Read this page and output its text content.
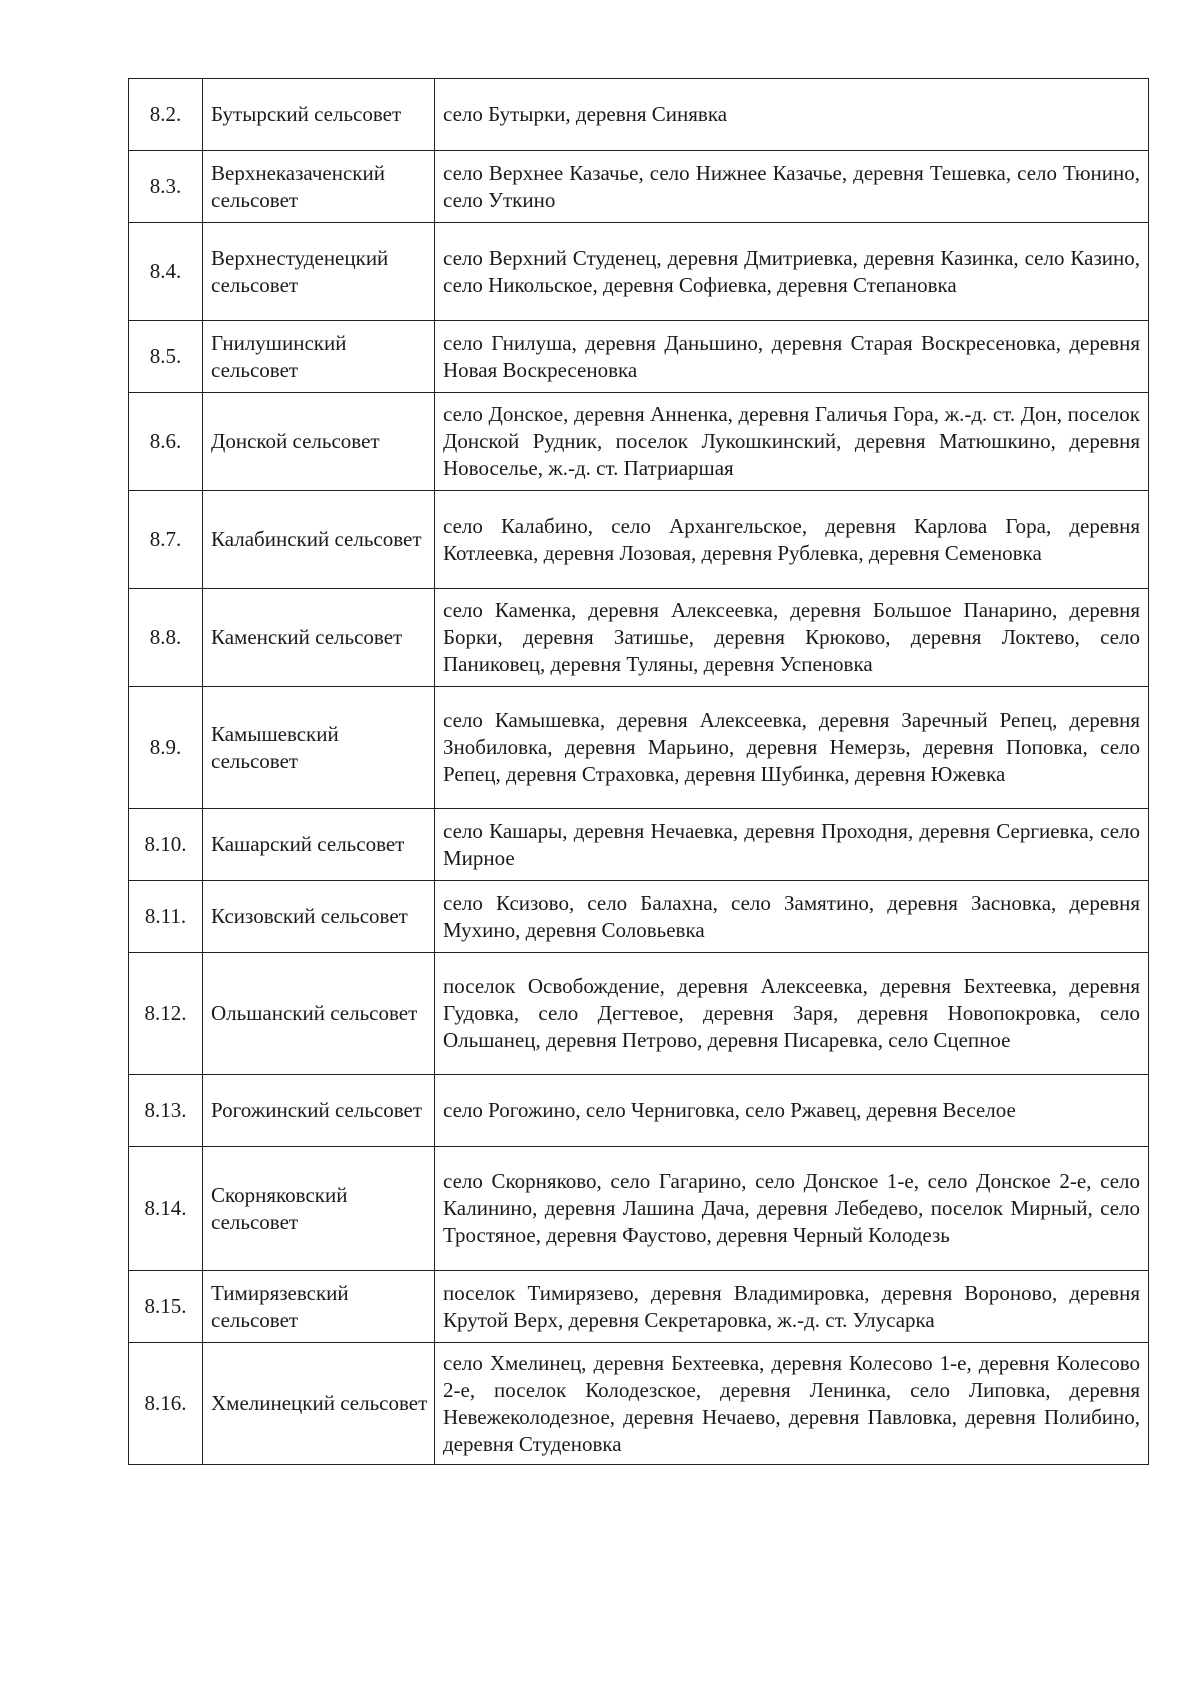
8.2.	Бутырский сельсовет	село Бутырки, деревня Синявка
8.3.	Верхнеказаченский сельсовет	село Верхнее Казачье, село Нижнее Казачье, деревня Тешевка, село Тюнино, село Уткино
8.4.	Верхнестуденецкий сельсовет	село Верхний Студенец, деревня Дмитриевка, деревня Казинка, село Казино, село Никольское, деревня Софиевка, деревня Степановка
8.5.	Гнилушинский сельсовет	село Гнилуша, деревня Даньшино, деревня Старая Воскресеновка, деревня Новая Воскресеновка
8.6.	Донской сельсовет	село Донское, деревня Анненка, деревня Галичья Гора, ж.-д. ст. Дон, поселок Донской Рудник, поселок Лукошкинский, деревня Матюшкино, деревня Новоселье, ж.-д. ст. Патриаршая
8.7.	Калабинский сельсовет	село Калабино, село Архангельское, деревня Карлова Гора, деревня Котлеевка, деревня Лозовая, деревня Рублевка, деревня Семеновка
8.8.	Каменский сельсовет	село Каменка, деревня Алексеевка, деревня Большое Панарино, деревня Борки, деревня Затишье, деревня Крюково, деревня Локтево, село Паниковец, деревня Туляны, деревня Успеновка
8.9.	Камышевский сельсовет	село Камышевка, деревня Алексеевка, деревня Заречный Репец, деревня Знобиловка, деревня Марьино, деревня Немерзь, деревня Поповка, село Репец, деревня Страховка, деревня Шубинка, деревня Южевка
8.10.	Кашарский сельсовет	село Кашары, деревня Нечаевка, деревня Проходня, деревня Сергиевка, село Мирное
8.11.	Ксизовский сельсовет	село Ксизово, село Балахна, село Замятино, деревня Засновка, деревня Мухино, деревня Соловьевка
8.12.	Ольшанский сельсовет	поселок Освобождение, деревня Алексеевка, деревня Бехтеевка, деревня Гудовка, село Дегтевое, деревня Заря, деревня Новопокровка, село Ольшанец, деревня Петрово, деревня Писаревка, село Сцепное
8.13.	Рогожинский сельсовет	село Рогожино, село Черниговка, село Ржавец, деревня Веселое
8.14.	Скорняковский сельсовет	село Скорняково, село Гагарино, село Донское 1-е, село Донское 2-е, село Калинино, деревня Лашина Дача, деревня Лебедево, поселок Мирный, село Тростяное, деревня Фаустово, деревня Черный Колодезь
8.15.	Тимирязевский сельсовет	поселок Тимирязево, деревня Владимировка, деревня Вороново, деревня Крутой Верх, деревня Секретаровка, ж.-д. ст. Улусарка
8.16.	Хмелинецкий сельсовет	село Хмелинец, деревня Бехтеевка, деревня Колесово 1-е, деревня Колесово 2-е, поселок Колодезское, деревня Ленинка, село Липовка, деревня Невежеколодезное, деревня Нечаево, деревня Павловка, деревня Полибино, деревня Студеновка
